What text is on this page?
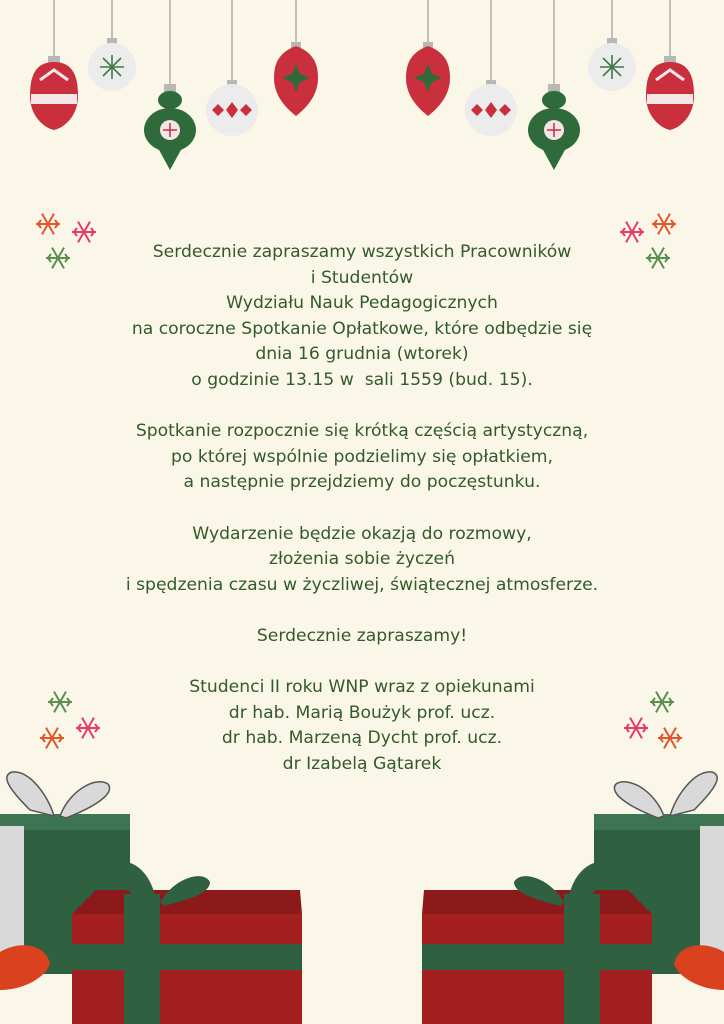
Serdecznie zapraszamy wszystkich Pracowników
i Studentów
Wydziału Nauk Pedagogicznych
na coroczne Spotkanie Opłatkowe, które odbędzie się
dnia 16 grudnia (wtorek)
o godzinie 13.15 w  sali 1559 (bud. 15).
Spotkanie rozpocznie się krótką częścią artystyczną,
po której wspólnie podzielimy się opłatkiem,
a następnie przejdziemy do poczęstunku.
Wydarzenie będzie okazją do rozmowy,
złożenia sobie życzeń
i spędzenia czasu w życzliwej, świątecznej atmosferze.
Serdecznie zapraszamy!
Studenci II roku WNP wraz z opiekunami
dr hab. Marią Boużyk prof. ucz.
dr hab. Marzeną Dycht prof. ucz.
dr Izabelą Gątarek
